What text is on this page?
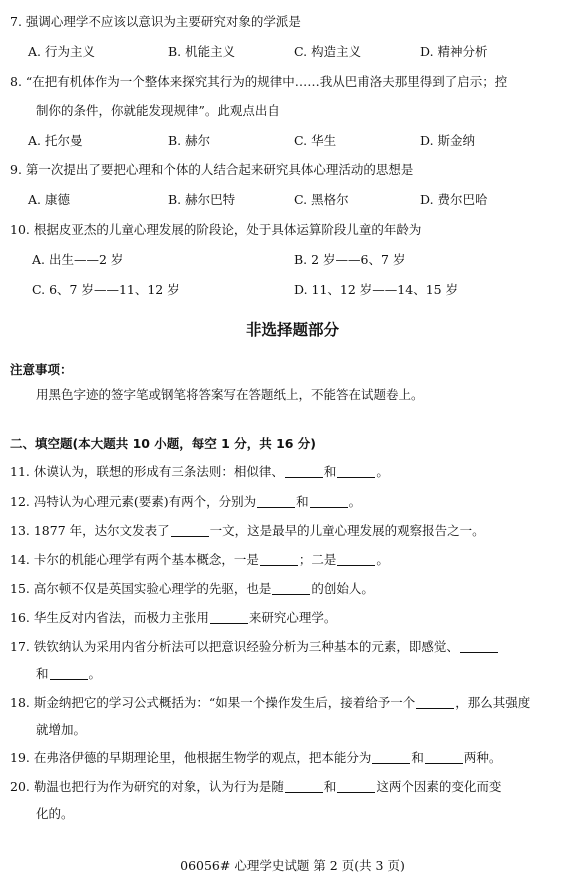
7. 强调心理学不应该以意识为主要研究对象的学派是
A. 行为主义	B. 机能主义	C. 构造主义	D. 精神分析
8. “在把有机体作为一个整体来探究其行为的规律中……我从巴甫洛夫那里得到了启示；控
制你的条件，你就能发现规律”。此观点出自
A. 托尔曼	B. 赫尔	C. 华生	D. 斯金纳
9. 第一次提出了要把心理和个体的人结合起来研究具体心理活动的思想是
A. 康德	B. 赫尔巴特	C. 黑格尔	D. 费尔巴哈
10. 根据皮亚杰的儿童心理发展的阶段论，处于具体运算阶段儿童的年龄为
A. 出生——2 岁	B. 2 岁——6、7 岁
C. 6、7 岁——11、12 岁	D. 11、12 岁——14、15 岁
非选择题部分
注意事项：
用黑色字迹的签字笔或钢笔将答案写在答题纸上，不能答在试题卷上。
二、填空题(本大题共 10 小题，每空 1 分，共 16 分)
11. 休谟认为，联想的形成有三条法则：相似律、	和	。
12. 冯特认为心理元素(要素)有两个，分别为	和	。
13. 1877 年，达尔文发表了	一文，这是最早的儿童心理发展的观察报告之一。
14. 卡尔的机能心理学有两个基本概念，一是	；二是	。
15. 高尔顿不仅是英国实验心理学的先驱，也是	的创始人。
16. 华生反对内省法，而极力主张用	来研究心理学。
17. 铁钦纳认为采用内省分析法可以把意识经验分析为三种基本的元素，即感觉、
和	。
18. 斯金纳把它的学习公式概括为：“如果一个操作发生后，接着给予一个	，那么其强度
就增加。
19. 在弗洛伊德的早期理论里，他根据生物学的观点，把本能分为	和	两种。
20. 勒温也把行为作为研究的对象，认为行为是随	和	这两个因素的变化而变
化的。
06056# 心理学史试题 第 2 页(共 3 页)
